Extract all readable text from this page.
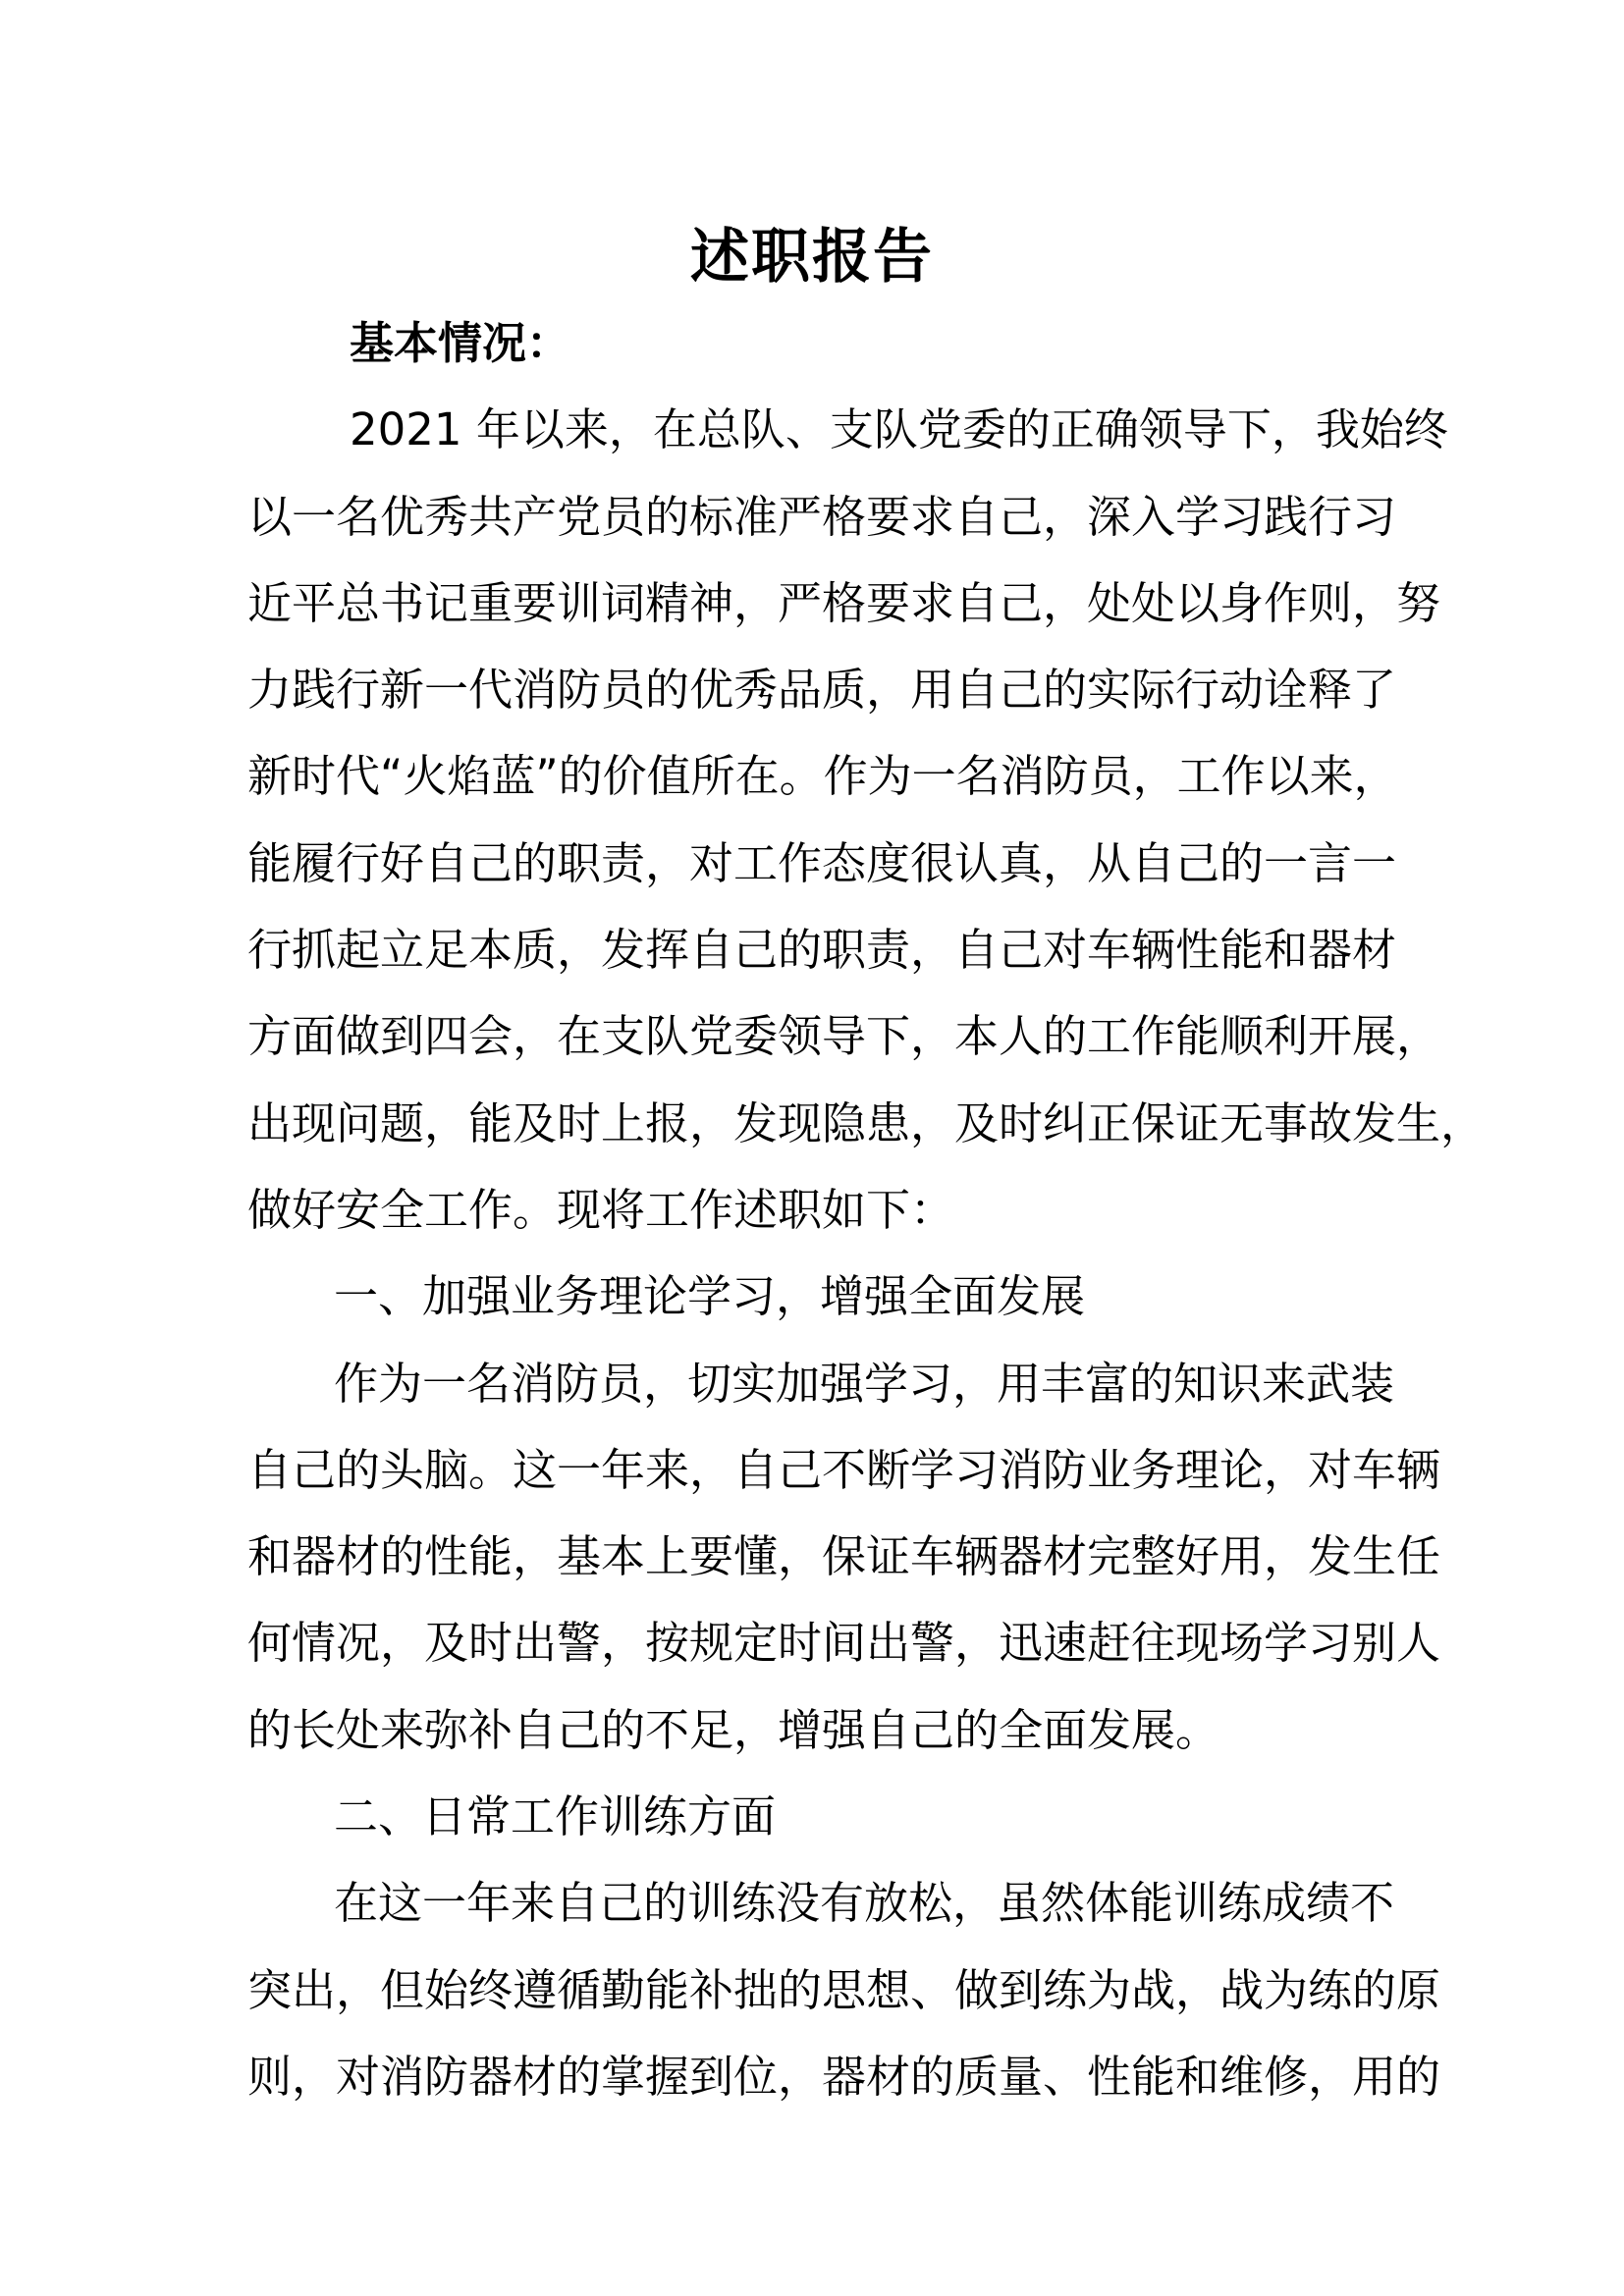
述职报告
基本情况：
2021 年以来，在总队、支队党委的正确领导下，我始终
以一名优秀共产党员的标准严格要求自己，深入学习践行习
近平总书记重要训词精神，严格要求自己，处处以身作则，努
力践行新一代消防员的优秀品质，用自己的实际行动诠释了
新时代“火焰蓝”的价值所在。作为一名消防员，工作以来，
能履行好自己的职责，对工作态度很认真，从自己的一言一
行抓起立足本质，发挥自己的职责，自己对车辆性能和器材
方面做到四会，在支队党委领导下，本人的工作能顺利开展，
出现问题，能及时上报，发现隐患，及时纠正保证无事故发生，
做好安全工作。现将工作述职如下：
一、加强业务理论学习，增强全面发展
作为一名消防员，切实加强学习，用丰富的知识来武装
自己的头脑。这一年来，自己不断学习消防业务理论，对车辆
和器材的性能，基本上要懂，保证车辆器材完整好用，发生任
何情况，及时出警，按规定时间出警，迅速赶往现场学习别人
的长处来弥补自己的不足，增强自己的全面发展。
二、日常工作训练方面
在这一年来自己的训练没有放松，虽然体能训练成绩不
突出，但始终遵循勤能补拙的思想、做到练为战，战为练的原
则，对消防器材的掌握到位，器材的质量、性能和维修，用的
